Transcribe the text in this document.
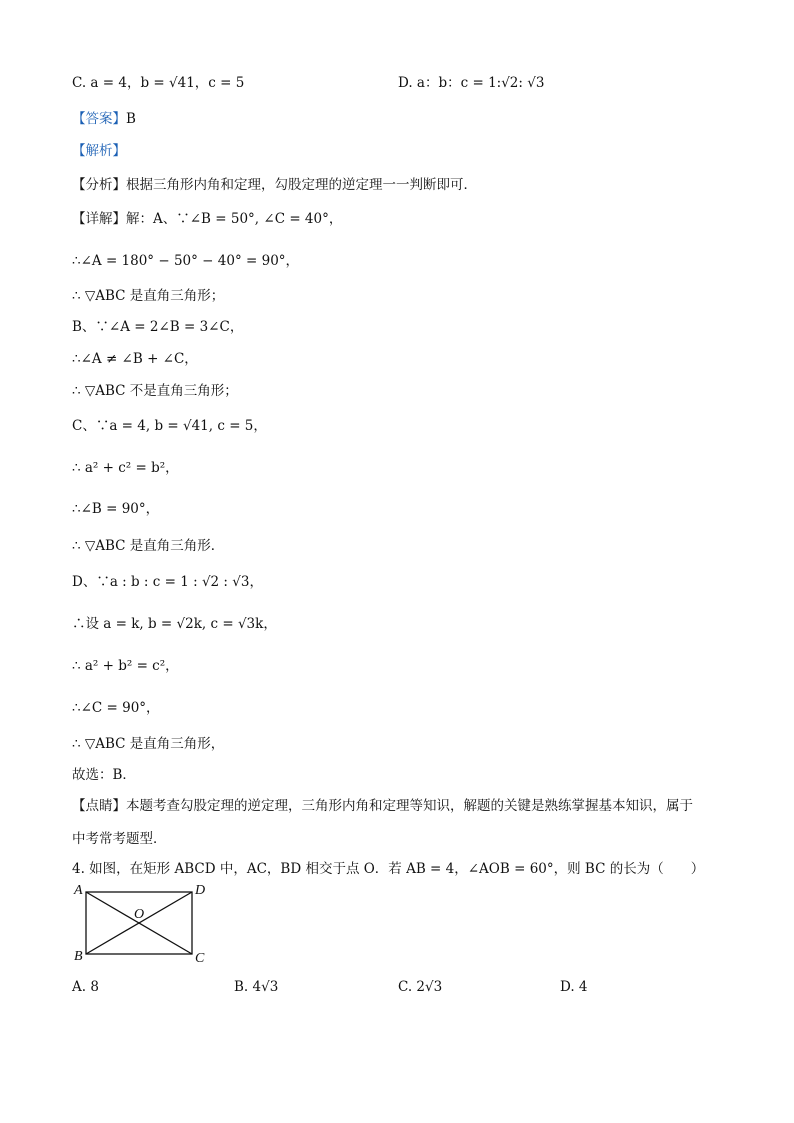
C. a = 4，b = √41，c = 5	D. a：b：c = 1:√2: √3
【答案】B
【解析】
【分析】根据三角形内角和定理，勾股定理的逆定理一一判断即可．
【详解】解：A、∵∠B = 50°, ∠C = 40°，
∴∠A = 180° − 50° − 40° = 90°，
∴ ▽ABC 是直角三角形；
B、∵∠A = 2∠B = 3∠C，
∴∠A ≠ ∠B + ∠C，
∴ ▽ABC 不是直角三角形；
C、∵a = 4, b = √41, c = 5，
∴ a² + c² = b²，
∴∠B = 90°，
∴ ▽ABC 是直角三角形．
D、∵a : b : c = 1 : √2 : √3，
∴设 a = k, b = √2k, c = √3k，
∴ a² + b² = c²，
∴∠C = 90°，
∴ ▽ABC 是直角三角形，
故选：B．
【点睛】本题考查勾股定理的逆定理，三角形内角和定理等知识，解题的关键是熟练掌握基本知识，属于
中考常考题型．
4. 如图，在矩形 ABCD 中，AC，BD 相交于点 O．若 AB = 4，∠AOB = 60°，则 BC 的长为（　　）
A	D
B	C
O
A. 8	B. 4√3	C. 2√3	D. 4
